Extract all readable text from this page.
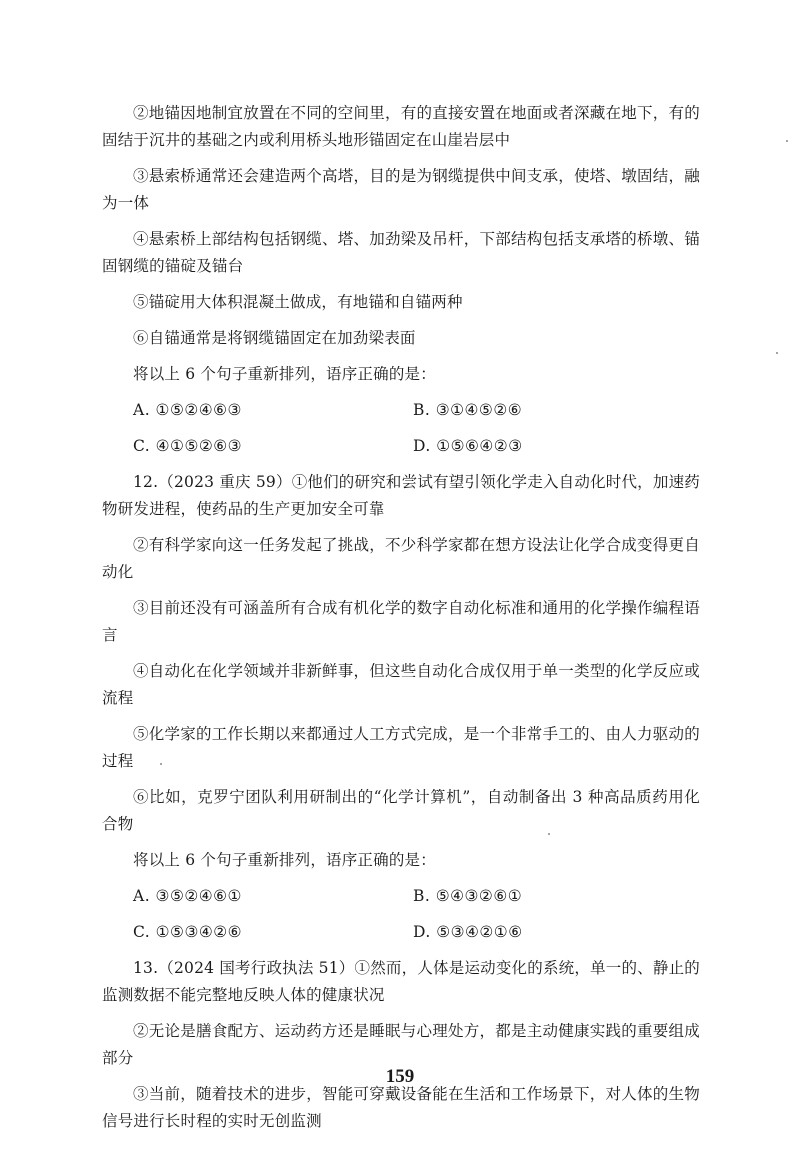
②地锚因地制宜放置在不同的空间里，有的直接安置在地面或者深藏在地下，有的固结于沉井的基础之内或利用桥头地形锚固定在山崖岩层中

③悬索桥通常还会建造两个高塔，目的是为钢缆提供中间支承，使塔、墩固结，融为一体

④悬索桥上部结构包括钢缆、塔、加劲梁及吊杆，下部结构包括支承塔的桥墩、锚固钢缆的锚碇及锚台

⑤锚碇用大体积混凝土做成，有地锚和自锚两种

⑥自锚通常是将钢缆锚固定在加劲梁表面

将以上 6 个句子重新排列，语序正确的是：

A. ①⑤②④⑥③	B. ③①④⑤②⑥
C. ④①⑤②⑥③	D. ①⑤⑥④②③

12.（2023 重庆 59）①他们的研究和尝试有望引领化学走入自动化时代，加速药物研发进程，使药品的生产更加安全可靠

②有科学家向这一任务发起了挑战，不少科学家都在想方设法让化学合成变得更自动化

③目前还没有可涵盖所有合成有机化学的数字自动化标准和通用的化学操作编程语言

④自动化在化学领域并非新鲜事，但这些自动化合成仅用于单一类型的化学反应或流程

⑤化学家的工作长期以来都通过人工方式完成，是一个非常手工的、由人力驱动的过程

⑥比如，克罗宁团队利用研制出的“化学计算机”，自动制备出 3 种高品质药用化合物

将以上 6 个句子重新排列，语序正确的是：

A. ③⑤②④⑥①	B. ⑤④③②⑥①
C. ①⑤③④②⑥	D. ⑤③④②①⑥

13.（2024 国考行政执法 51）①然而，人体是运动变化的系统，单一的、静止的监测数据不能完整地反映人体的健康状况

②无论是膳食配方、运动药方还是睡眠与心理处方，都是主动健康实践的重要组成部分

③当前，随着技术的进步，智能可穿戴设备能在生活和工作场景下，对人体的生物信号进行长时程的实时无创监测

159
